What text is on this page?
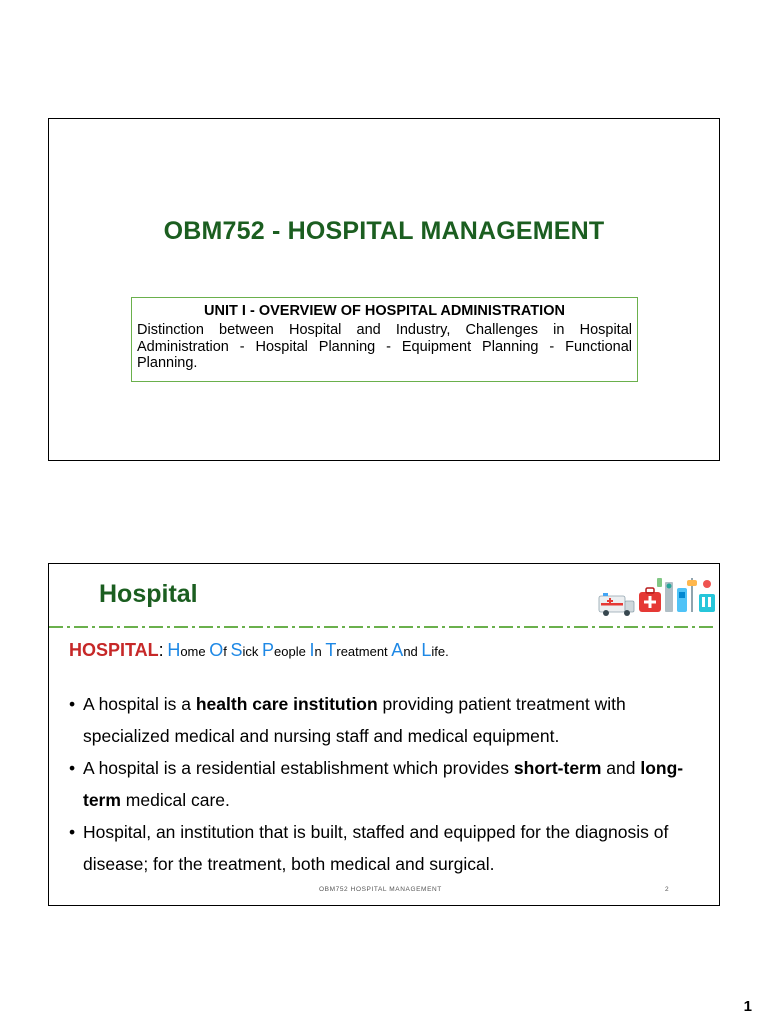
OBM752 - HOSPITAL MANAGEMENT
UNIT I - OVERVIEW OF HOSPITAL ADMINISTRATION
Distinction between Hospital and Industry, Challenges in Hospital Administration - Hospital Planning - Equipment Planning - Functional Planning.
Hospital
HOSPITAL: Home Of Sick People In Treatment And Life.
• A hospital is a health care institution providing patient treatment with specialized medical and nursing staff and medical equipment.
• A hospital is a residential establishment which provides short-term and long-term medical care.
• Hospital, an institution that is built, staffed and equipped for the diagnosis of disease; for the treatment, both medical and surgical.
OBM752 HOSPITAL MANAGEMENT	2
1
